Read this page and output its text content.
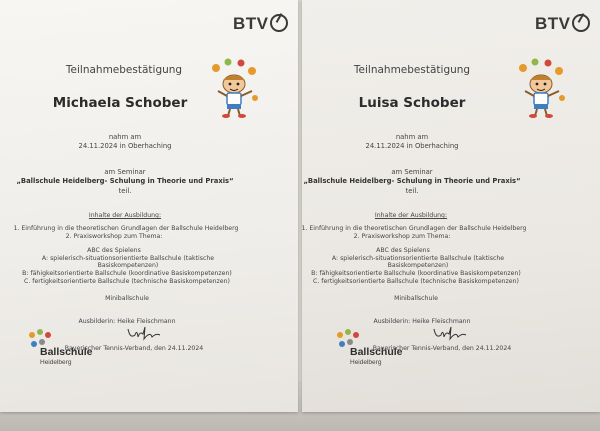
BTV
Teilnahmebestätigung
Michaela Schober
nahm am
24.11.2024 in Oberhaching
am Seminar
„Ballschule Heidelberg- Schulung in Theorie und Praxis“
teil.
Inhalte der Ausbildung:
1. Einführung in die theoretischen Grundlagen der Ballschule Heidelberg
2. Praxisworkshop zum Thema:
ABC des Spielens
A: spielerisch-situationsorientierte Ballschule (taktische
Basiskompetenzen)
B: fähigkeitsorientierte Ballschule (koordinative Basiskompetenzen)
C. fertigkeitsorientierte Ballschule (technische Basiskompetenzen)
Miniballschule
Ausbilderin: Heike Fleischmann
Ballschule
Heidelberg
Bayerischer Tennis-Verband, den 24.11.2024
BTV
Teilnahmebestätigung
Luisa Schober
nahm am
24.11.2024 in Oberhaching
am Seminar
„Ballschule Heidelberg- Schulung in Theorie und Praxis“
teil.
Inhalte der Ausbildung:
1. Einführung in die theoretischen Grundlagen der Ballschule Heidelberg
2. Praxisworkshop zum Thema:
ABC des Spielens
A: spielerisch-situationsorientierte Ballschule (taktische
Basiskompetenzen)
B: fähigkeitsorientierte Ballschule (koordinative Basiskompetenzen)
C. fertigkeitsorientierte Ballschule (technische Basiskompetenzen)
Miniballschule
Ausbilderin: Heike Fleischmann
Ballschule
Heidelberg
Bayerischer Tennis-Verband, den 24.11.2024
